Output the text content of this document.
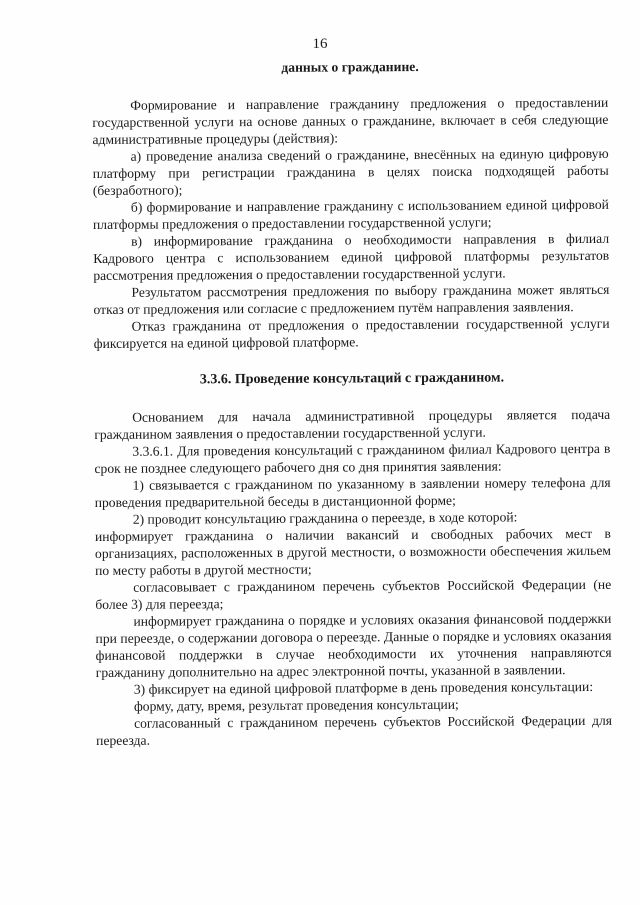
16

данных о гражданине.

Формирование и направление гражданину предложения о предоставлении государственной услуги на основе данных о гражданине, включает в себя следующие административные процедуры (действия):

а) проведение анализа сведений о гражданине, внесённых на единую цифровую платформу при регистрации гражданина в целях поиска подходящей работы (безработного);

б) формирование и направление гражданину с использованием единой цифровой платформы предложения о предоставлении государственной услуги;

в) информирование гражданина о необходимости направления в филиал Кадрового центра с использованием единой цифровой платформы результатов рассмотрения предложения о предоставлении государственной услуги.

Результатом рассмотрения предложения по выбору гражданина может являться отказ от предложения или согласие с предложением путём направления заявления.

Отказ гражданина от предложения о предоставлении государственной услуги фиксируется на единой цифровой платформе.

3.3.6. Проведение консультаций с гражданином.

Основанием для начала административной процедуры является подача гражданином заявления о предоставлении государственной услуги.

3.3.6.1. Для проведения консультаций с гражданином филиал Кадрового центра в срок не позднее следующего рабочего дня со дня принятия заявления:

1) связывается с гражданином по указанному в заявлении номеру телефона для проведения предварительной беседы в дистанционной форме;

2) проводит консультацию гражданина о переезде, в ходе которой:

информирует гражданина о наличии вакансий и свободных рабочих мест в организациях, расположенных в другой местности, о возможности обеспечения жильем по месту работы в другой местности;

согласовывает с гражданином перечень субъектов Российской Федерации (не более 3) для переезда;

информирует гражданина о порядке и условиях оказания финансовой поддержки при переезде, о содержании договора о переезде. Данные о порядке и условиях оказания финансовой поддержки в случае необходимости их уточнения направляются гражданину дополнительно на адрес электронной почты, указанной в заявлении.

3) фиксирует на единой цифровой платформе в день проведения консультации:

форму, дату, время, результат проведения консультации;

согласованный с гражданином перечень субъектов Российской Федерации для переезда.
